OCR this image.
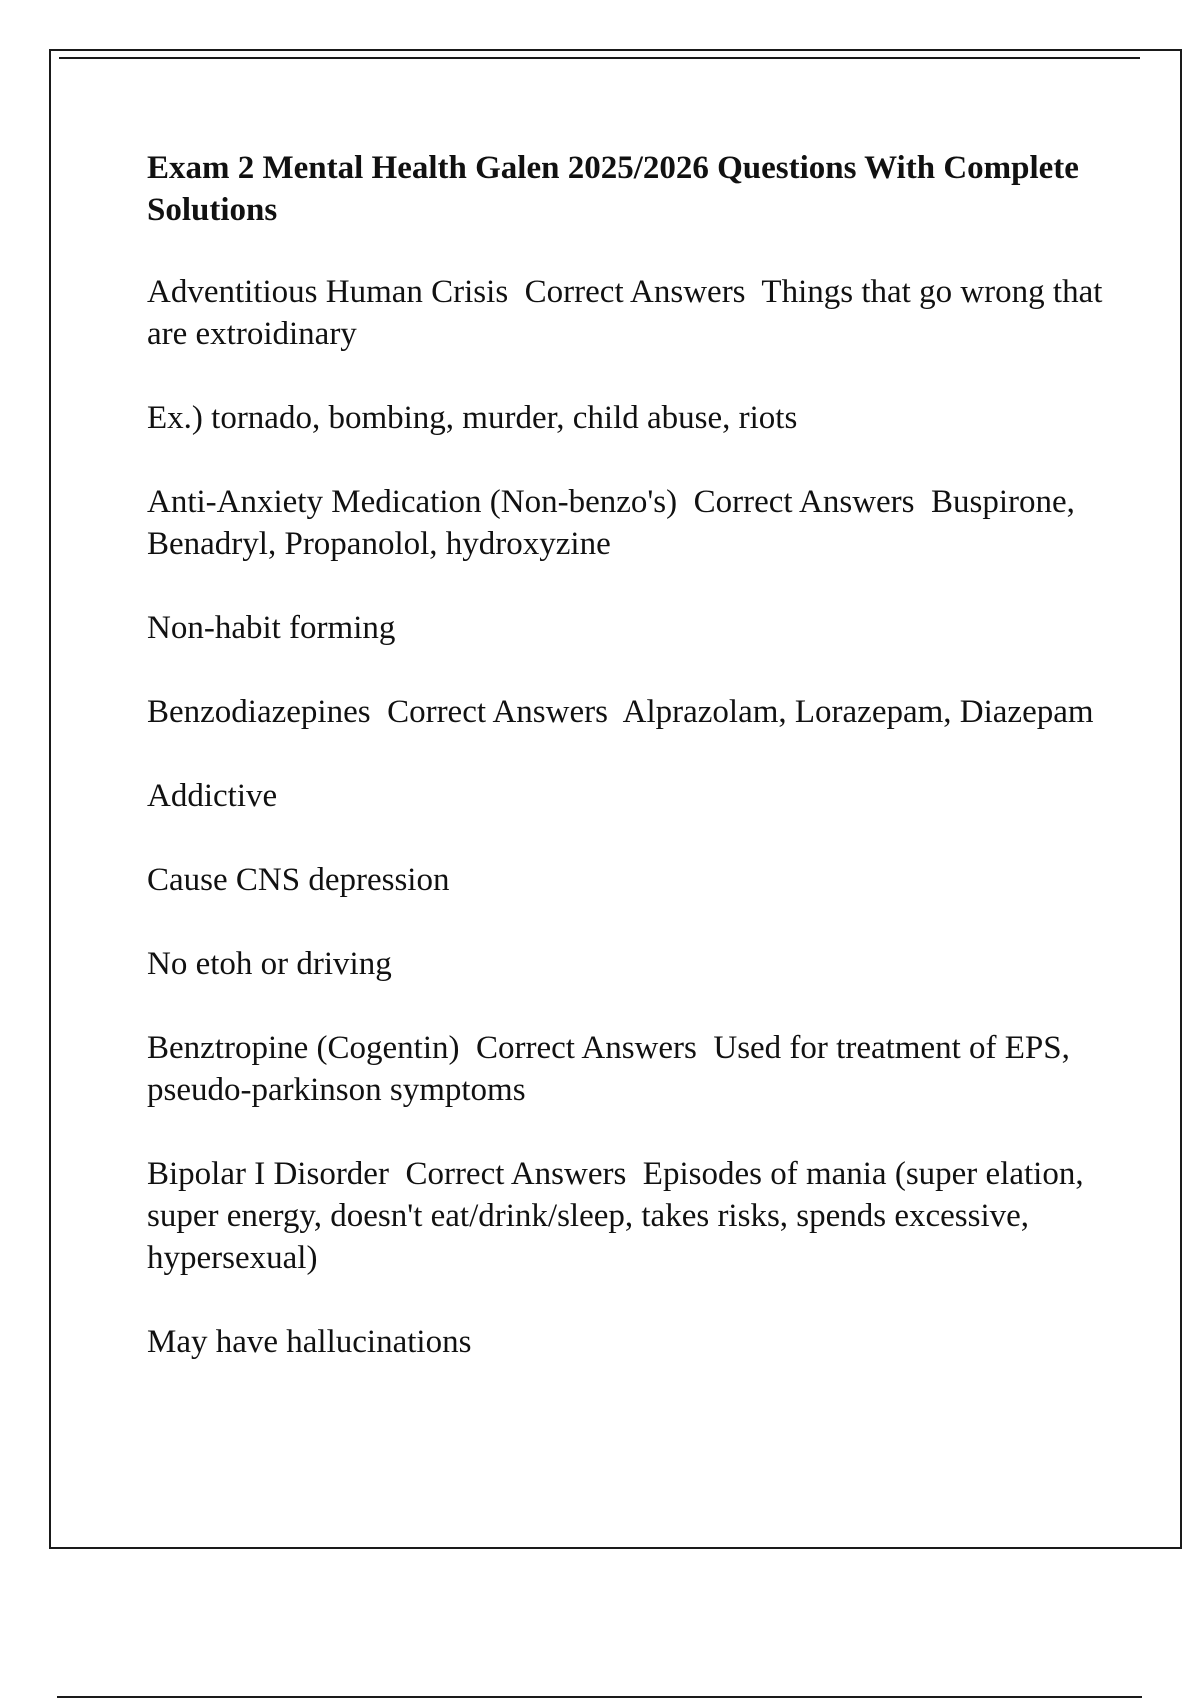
Exam 2 Mental Health Galen 2025/2026 Questions With Complete Solutions

Adventitious Human Crisis  Correct Answers  Things that go wrong that are extroidinary

Ex.) tornado, bombing, murder, child abuse, riots

Anti-Anxiety Medication (Non-benzo's)  Correct Answers  Buspirone, Benadryl, Propanolol, hydroxyzine

Non-habit forming

Benzodiazepines  Correct Answers  Alprazolam, Lorazepam, Diazepam

Addictive

Cause CNS depression

No etoh or driving

Benztropine (Cogentin)  Correct Answers  Used for treatment of EPS, pseudo-parkinson symptoms

Bipolar I Disorder  Correct Answers  Episodes of mania (super elation, super energy, doesn't eat/drink/sleep, takes risks, spends excessive, hypersexual)

May have hallucinations
